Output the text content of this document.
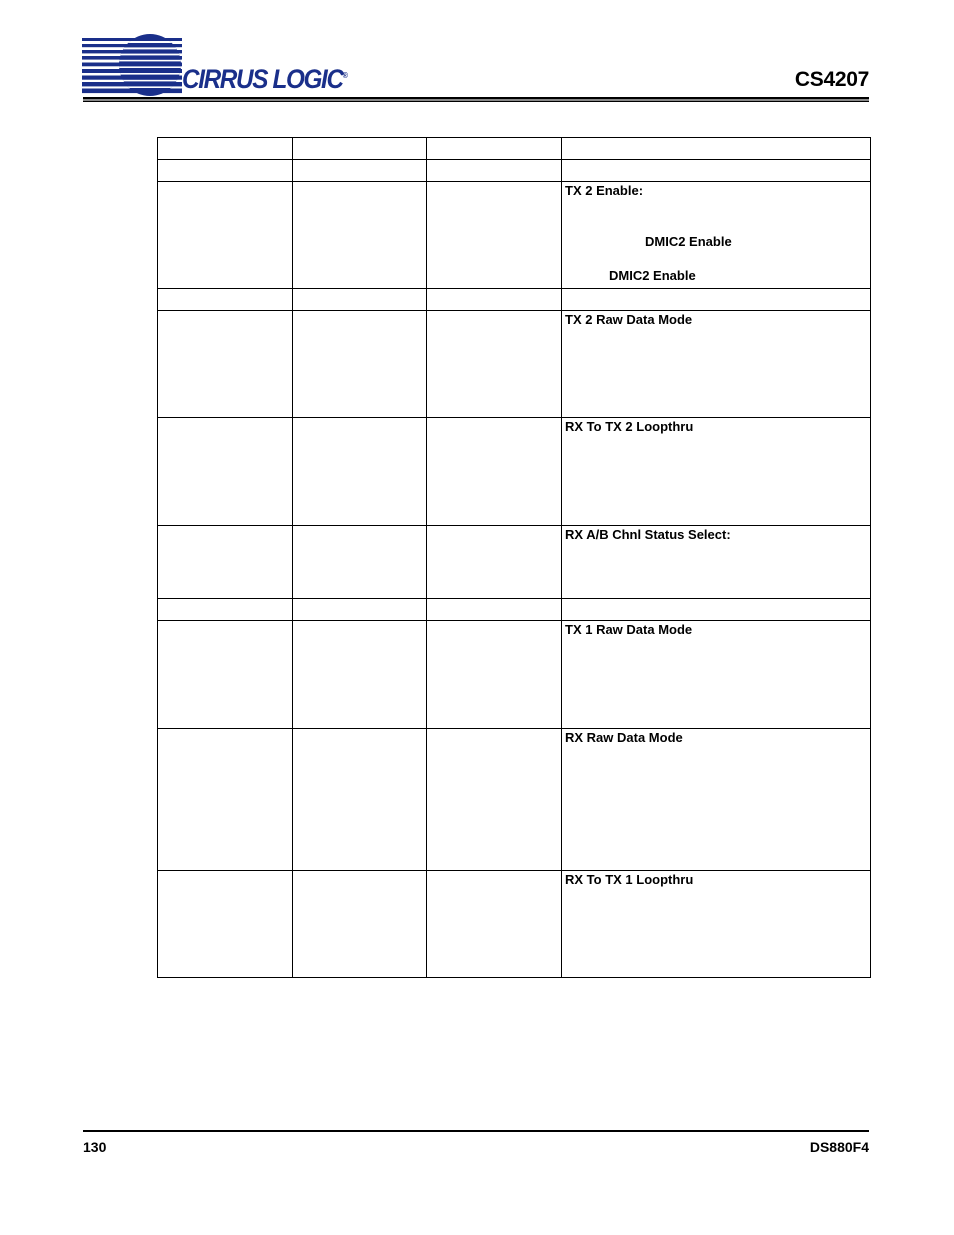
CIRRUS LOGIC®	CS4207

			TX 2 Enable:
DMIC2 Enable
DMIC2 Enable

			TX 2 Raw Data Mode

			RX To TX 2 Loopthru

			RX A/B Chnl Status Select:

			TX 1 Raw Data Mode

			RX Raw Data Mode

			RX To TX 1 Loopthru
130	DS880F4
